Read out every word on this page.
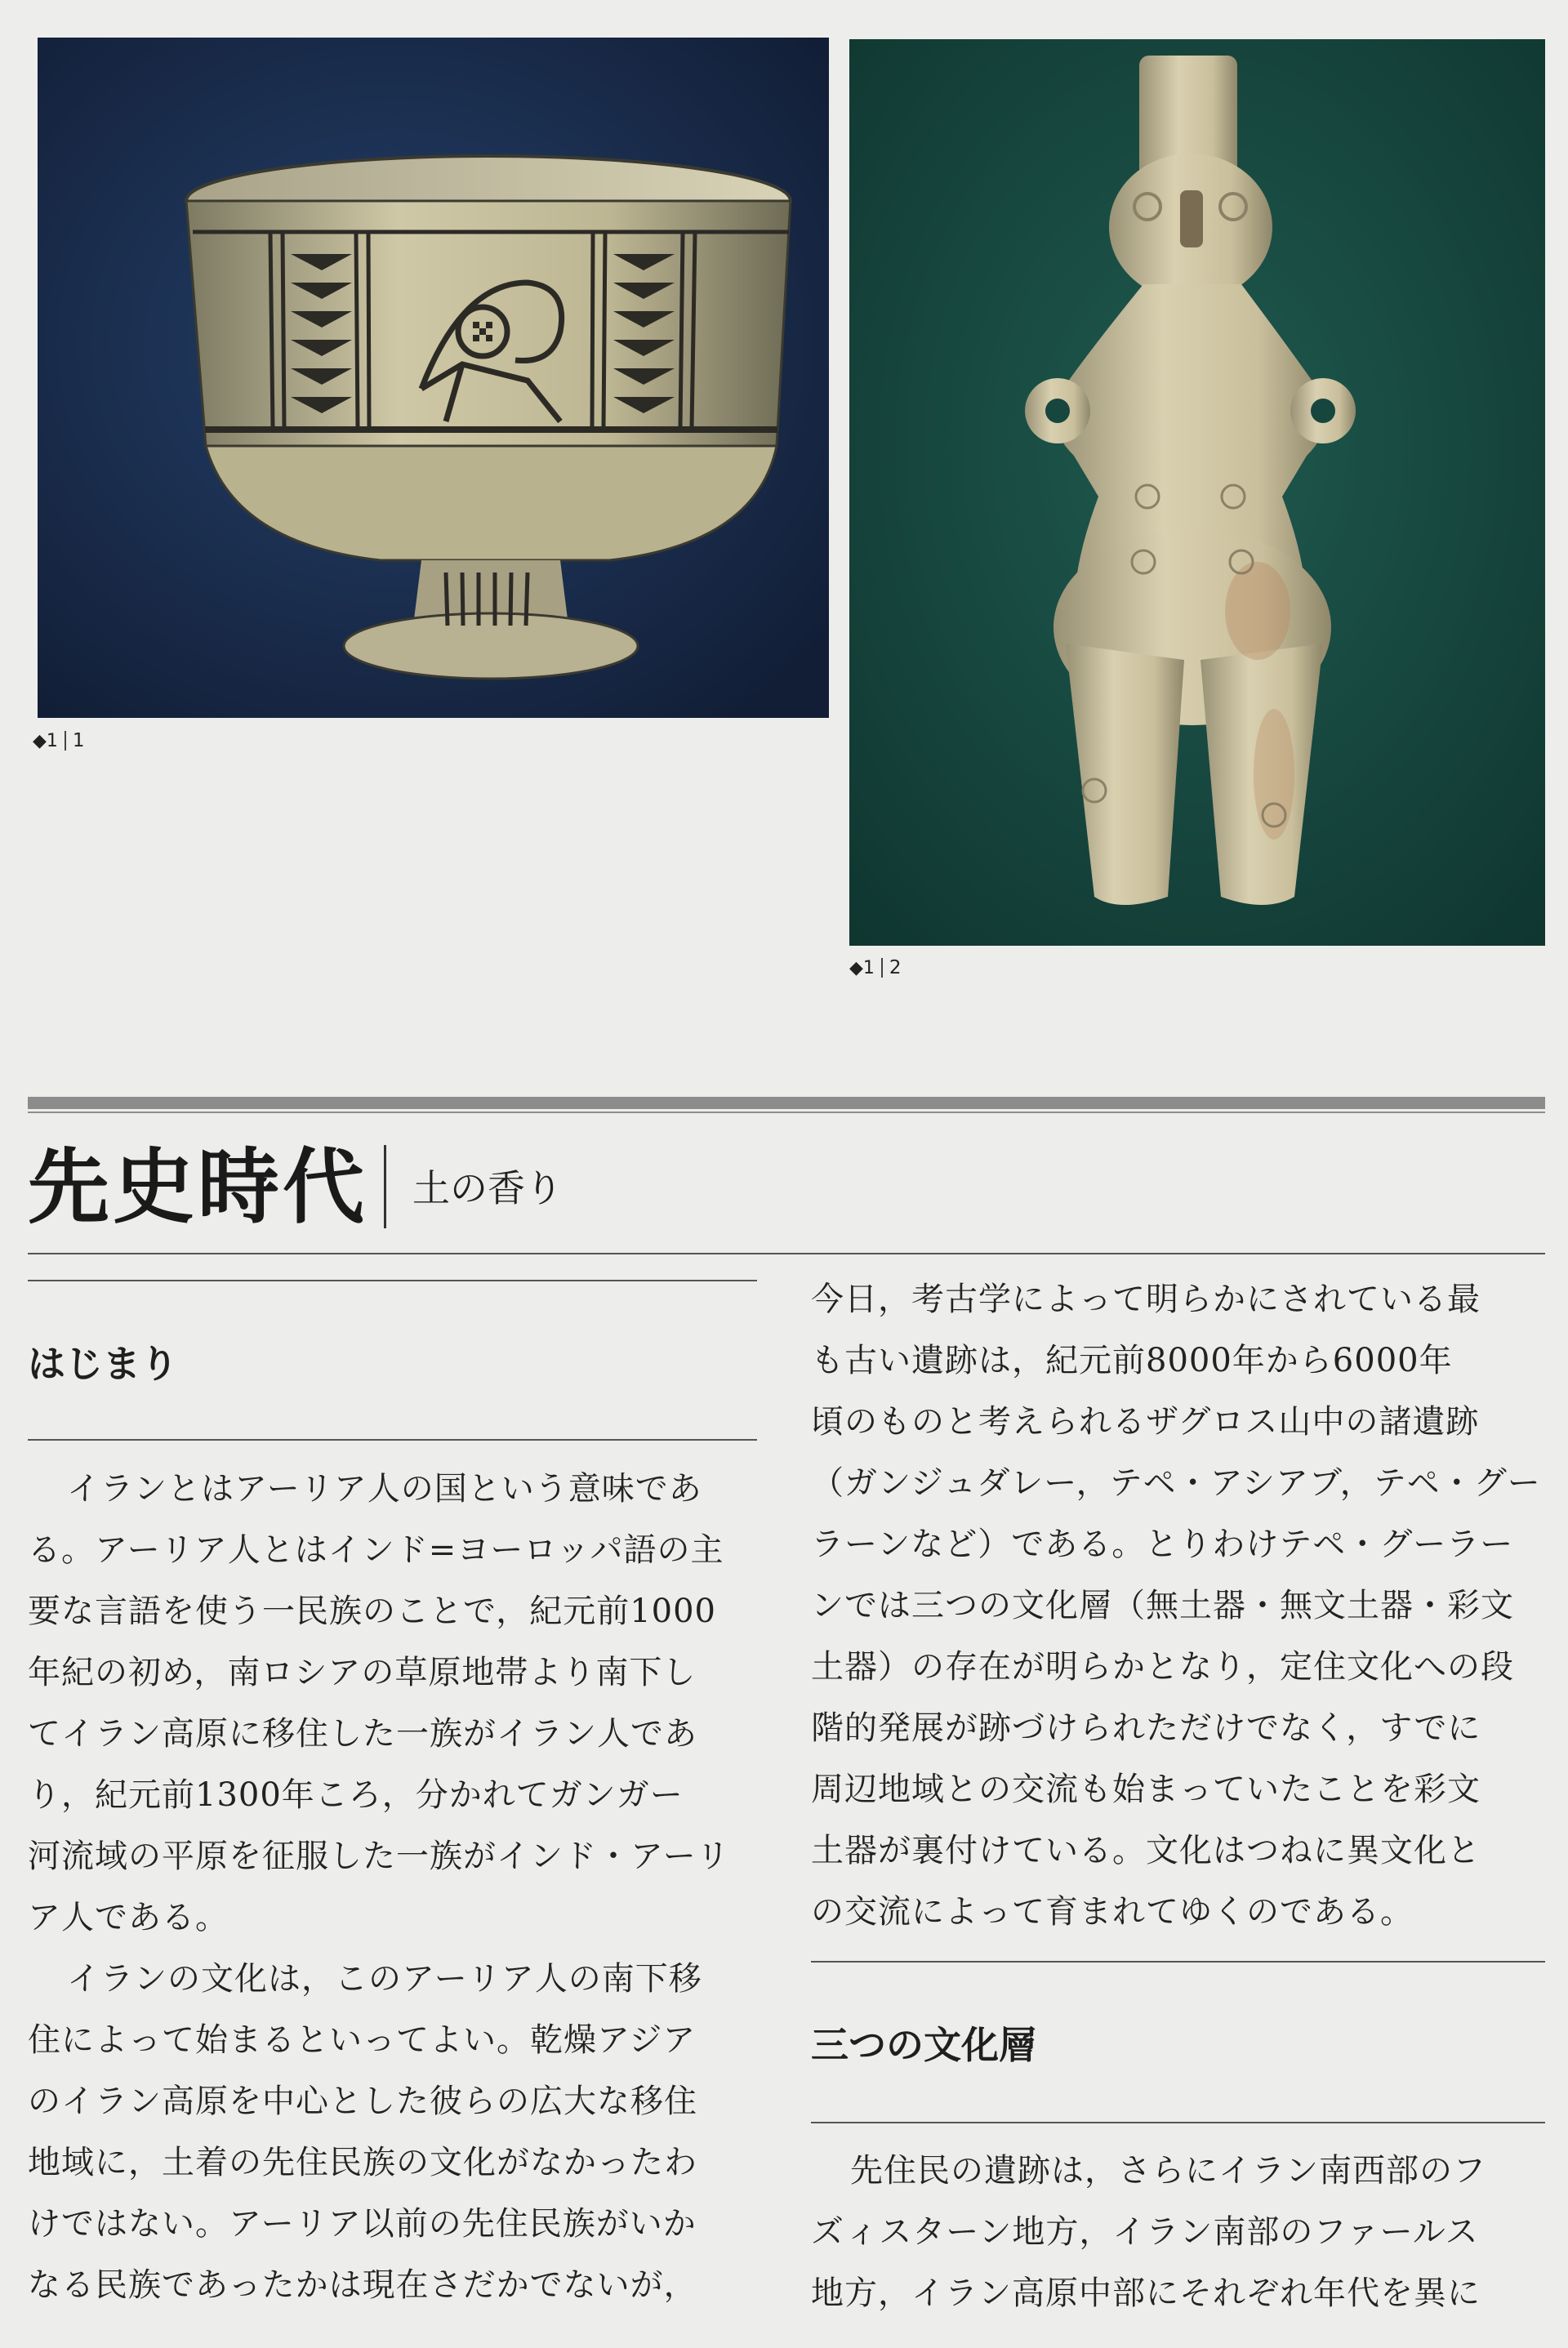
◆1 1
◆1 2
先史時代 土の香り
はじまり

イランとはアーリア人の国という意味であ
る。アーリア人とはインド=ヨーロッパ語の主
要な言語を使う一民族のことで，紀元前1000
年紀の初め，南ロシアの草原地帯より南下し
てイラン高原に移住した一族がイラン人であ
り，紀元前1300年ころ，分かれてガンガー
河流域の平原を征服した一族がインド・アーリ
ア人である。

イランの文化は，このアーリア人の南下移
住によって始まるといってよい。乾燥アジア
のイラン高原を中心とした彼らの広大な移住
地域に，土着の先住民族の文化がなかったわ
けではない。アーリア以前の先住民族がいか
なる民族であったかは現在さだかでないが，

今日，考古学によって明らかにされている最
も古い遺跡は，紀元前8000年から6000年
頃のものと考えられるザグロス山中の諸遺跡
（ガンジュダレー，テペ・アシアブ，テペ・グー
ラーンなど）である。とりわけテペ・グーラー
ンでは三つの文化層（無土器・無文土器・彩文
土器）の存在が明らかとなり，定住文化への段
階的発展が跡づけられただけでなく，すでに
周辺地域との交流も始まっていたことを彩文
土器が裏付けている。文化はつねに異文化と
の交流によって育まれてゆくのである。

三つの文化層

先住民の遺跡は，さらにイラン南西部のフ
ズィスターン地方，イラン南部のファールス
地方，イラン高原中部にそれぞれ年代を異に
